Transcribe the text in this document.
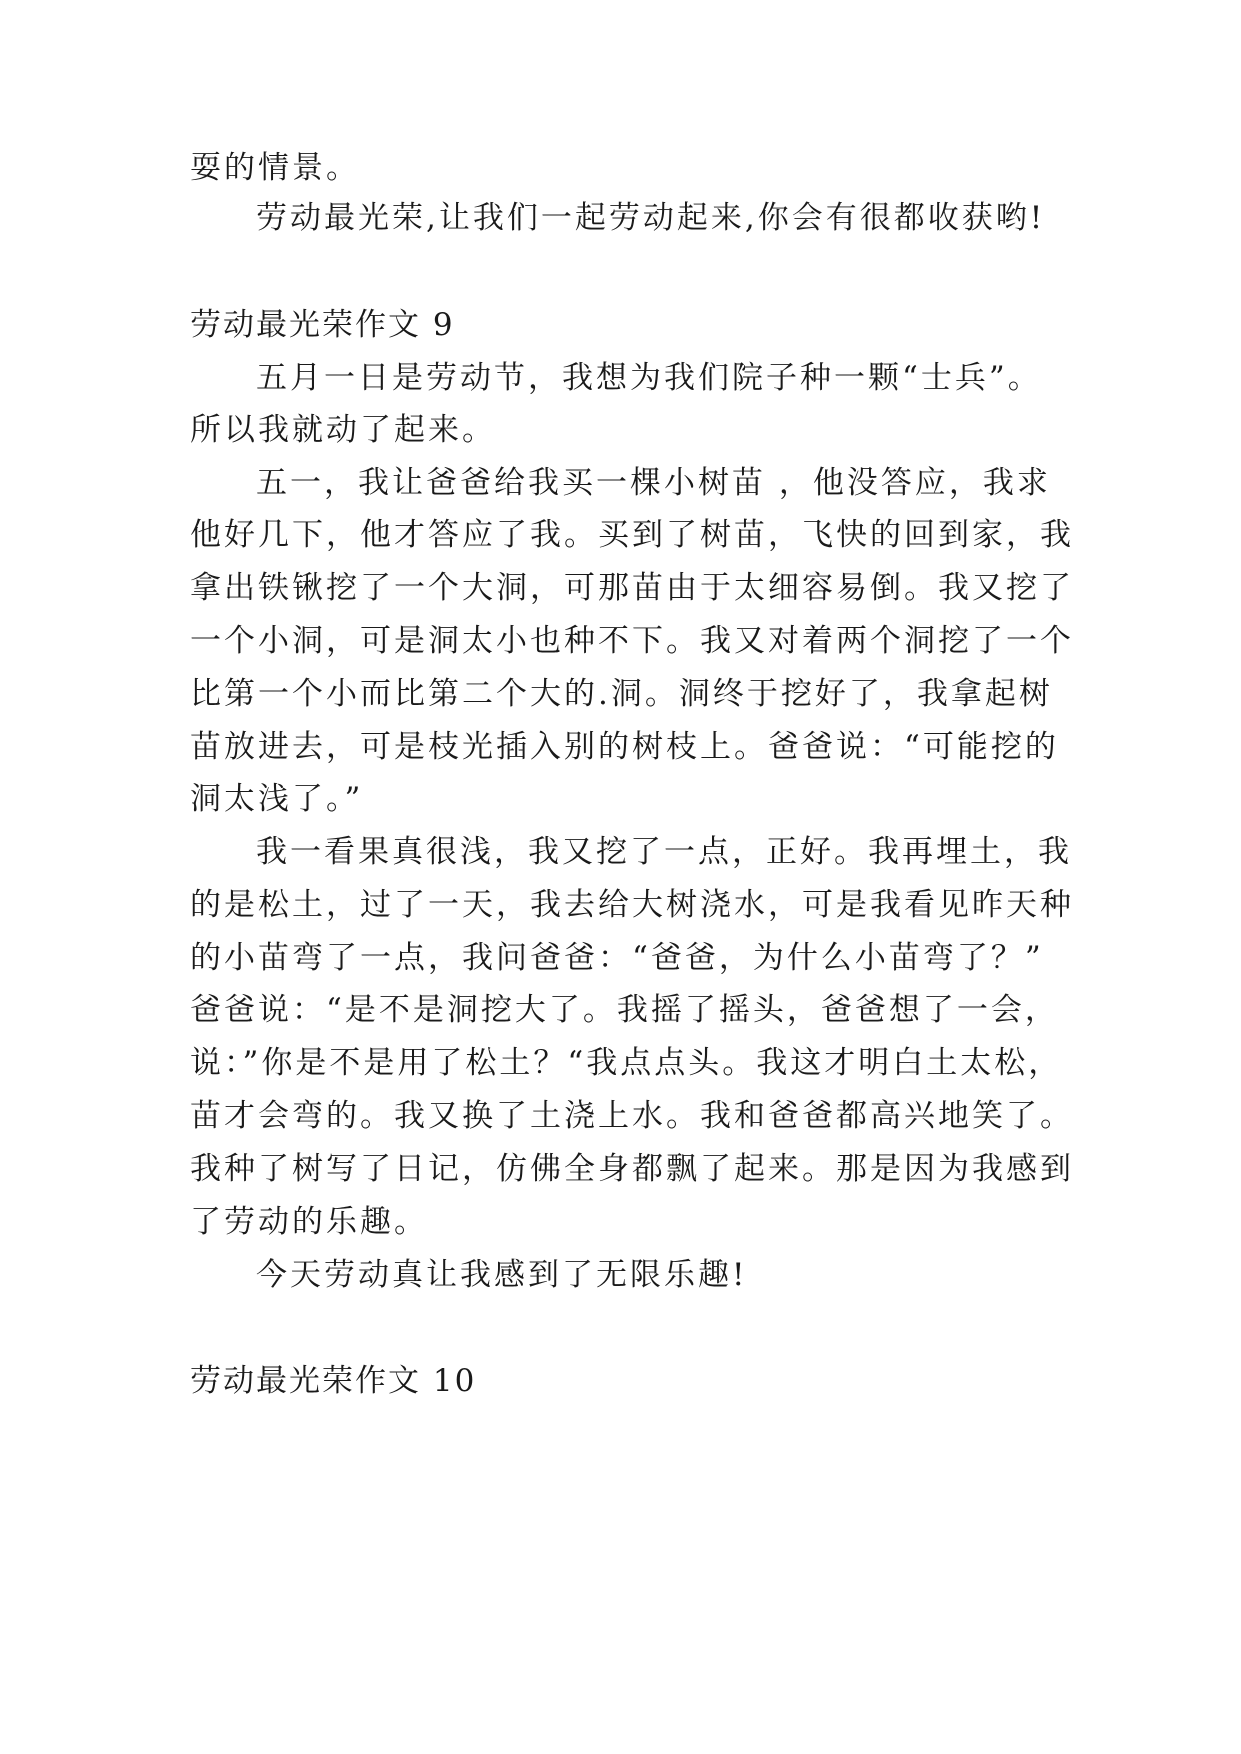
耍的情景。
劳动最光荣,让我们一起劳动起来,你会有很都收获哟!
劳动最光荣作文 9
五月一日是劳动节，我想为我们院子种一颗“士兵”。
所以我就动了起来。
五一，我让爸爸给我买一棵小树苗 ，他没答应，我求
他好几下，他才答应了我。买到了树苗，飞快的回到家，我
拿出铁锹挖了一个大洞，可那苗由于太细容易倒。我又挖了
一个小洞，可是洞太小也种不下。我又对着两个洞挖了一个
比第一个小而比第二个大的.洞。洞终于挖好了，我拿起树
苗放进去，可是枝光插入别的树枝上。爸爸说：“可能挖的
洞太浅了。”
我一看果真很浅，我又挖了一点，正好。我再埋土，我
的是松土，过了一天，我去给大树浇水，可是我看见昨天种
的小苗弯了一点，我问爸爸：“爸爸，为什么小苗弯了？”
爸爸说：“是不是洞挖大了。我摇了摇头，爸爸想了一会，
说：”你是不是用了松土？“我点点头。我这才明白土太松，
苗才会弯的。我又换了土浇上水。我和爸爸都高兴地笑了。
我种了树写了日记，仿佛全身都飘了起来。那是因为我感到
了劳动的乐趣。
今天劳动真让我感到了无限乐趣!
劳动最光荣作文 10
